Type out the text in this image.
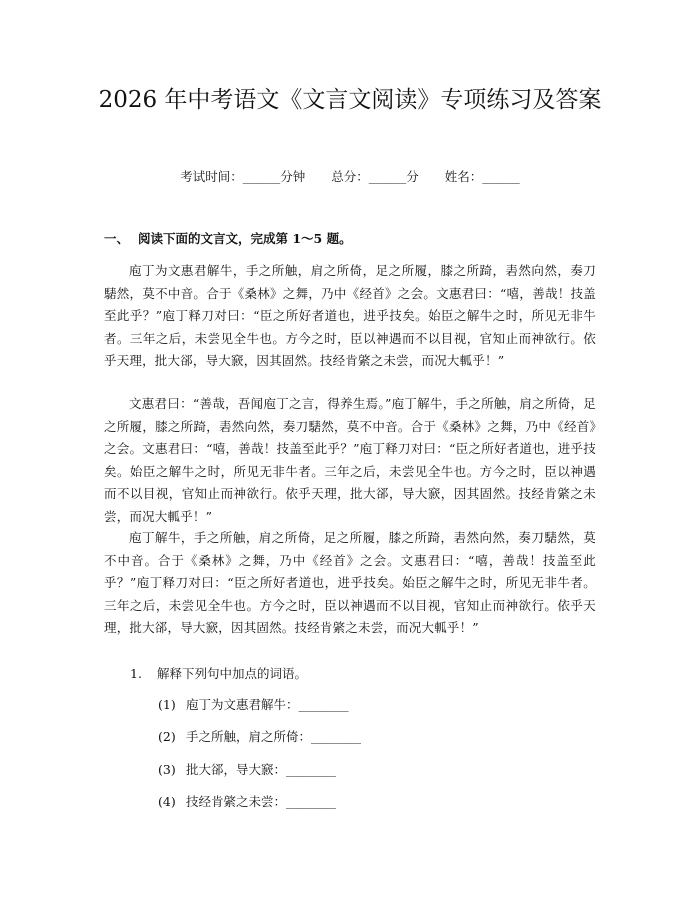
2026 年中考语文《文言文阅读》专项练习及答案
考试时间：______分钟 总分：______分 姓名：______
一、 阅读下面的文言文，完成第 1～5 题。

庖丁为文惠君解牛，手之所触，肩之所倚，足之所履，膝之所踦，砉然向然，奏刀騞然，莫不中音。合于《桑林》之舞，乃中《经首》之会。文惠君曰：“嘻，善哉！技盖至此乎？”庖丁释刀对曰：“臣之所好者道也，进乎技矣。始臣之解牛之时，所见无非牛者。三年之后，未尝见全牛也。方今之时，臣以神遇而不以目视，官知止而神欲行。依乎天理，批大郤，导大窾，因其固然。技经肯綮之未尝，而况大軱乎！”

文惠君曰：“善哉，吾闻庖丁之言，得养生焉。”庖丁解牛，手之所触，肩之所倚，足之所履，膝之所踦，砉然向然，奏刀騞然，莫不中音。合于《桑林》之舞，乃中《经首》之会。文惠君曰：“嘻，善哉！技盖至此乎？”庖丁释刀对曰：“臣之所好者道也，进乎技矣。始臣之解牛之时，所见无非牛者。三年之后，未尝见全牛也。方今之时，臣以神遇而不以目视，官知止而神欲行。依乎天理，批大郤，导大窾，因其固然。技经肯綮之未尝，而况大軱乎！”

庖丁解牛，手之所触，肩之所倚，足之所履，膝之所踦，砉然向然，奏刀騞然，莫不中音。合于《桑林》之舞，乃中《经首》之会。文惠君曰：“嘻，善哉！技盖至此乎？”庖丁释刀对曰：“臣之所好者道也，进乎技矣。始臣之解牛之时，所见无非牛者。三年之后，未尝见全牛也。方今之时，臣以神遇而不以目视，官知止而神欲行。依乎天理，批大郤，导大窾，因其固然。技经肯綮之未尝，而况大軱乎！”

1. 解释下列句中加点的词语。
(1) 庖丁为文惠君解牛：________
(2) 手之所触，肩之所倚：________
(3) 批大郤，导大窾：________
(4) 技经肯綮之未尝：________
